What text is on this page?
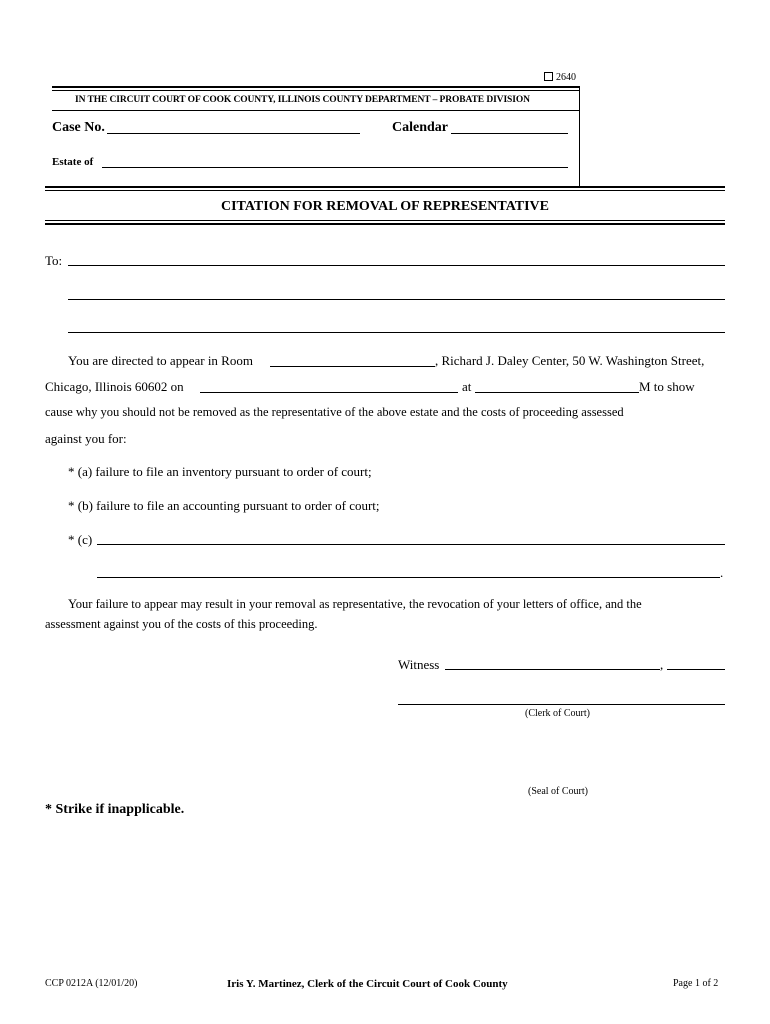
2640
IN THE CIRCUIT COURT OF COOK COUNTY, ILLINOIS COUNTY DEPARTMENT – PROBATE DIVISION
Case No.	Calendar
Estate of
CITATION FOR REMOVAL OF REPRESENTATIVE
To:
You are directed to appear in Room	, Richard J. Daley Center, 50 W. Washington Street,
Chicago, Illinois 60602 on	at	M to show
cause why you should not be removed as the representative of the above estate and the costs of proceeding assessed
against you for:
* (a) failure to file an inventory pursuant to order of court;
* (b) failure to file an accounting pursuant to order of court;
* (c)
.
Your failure to appear may result in your removal as representative, the revocation of your letters of office, and the
assessment against you of the costs of this proceeding.
Witness	,
(Clerk of Court)
(Seal of Court)
* Strike if inapplicable.
CCP 0212A (12/01/20)	Iris Y. Martinez, Clerk of the Circuit Court of Cook County	Page 1 of 2
